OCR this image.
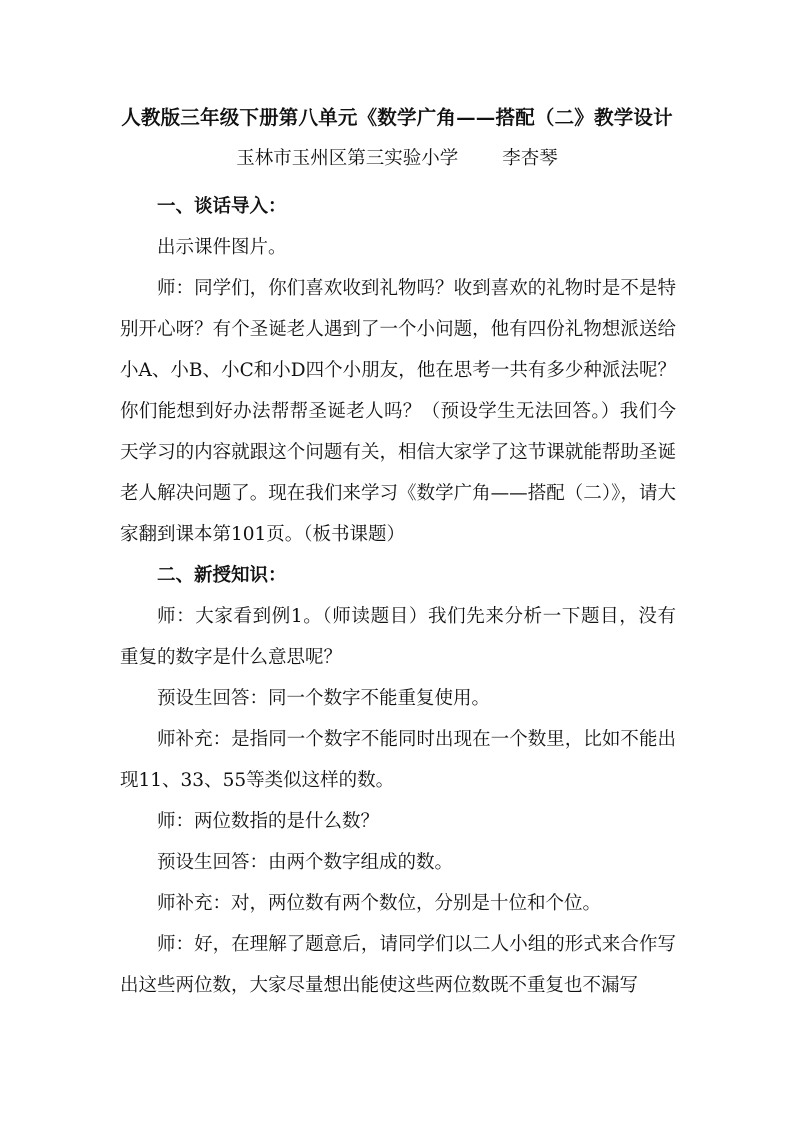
人教版三年级下册第八单元《数学广角——搭配（二》教学设计
玉林市玉州区第三实验小学 李杏琴

一、谈话导入：

出示课件图片。

师：同学们，你们喜欢收到礼物吗？收到喜欢的礼物时是不是特别开心呀？有个圣诞老人遇到了一个小问题，他有四份礼物想派送给小A、小B、小C和小D四个小朋友，他在思考一共有多少种派法呢？你们能想到好办法帮帮圣诞老人吗？（预设学生无法回答。）我们今天学习的内容就跟这个问题有关，相信大家学了这节课就能帮助圣诞老人解决问题了。现在我们来学习《数学广角——搭配（二）》，请大家翻到课本第101页。（板书课题）

二、新授知识：

师：大家看到例1。（师读题目）我们先来分析一下题目，没有重复的数字是什么意思呢？

预设生回答：同一个数字不能重复使用。

师补充：是指同一个数字不能同时出现在一个数里，比如不能出现11、33、55等类似这样的数。

师：两位数指的是什么数？

预设生回答：由两个数字组成的数。

师补充：对，两位数有两个数位，分别是十位和个位。

师：好，在理解了题意后，请同学们以二人小组的形式来合作写出这些两位数，大家尽量想出能使这些两位数既不重复也不漏写
